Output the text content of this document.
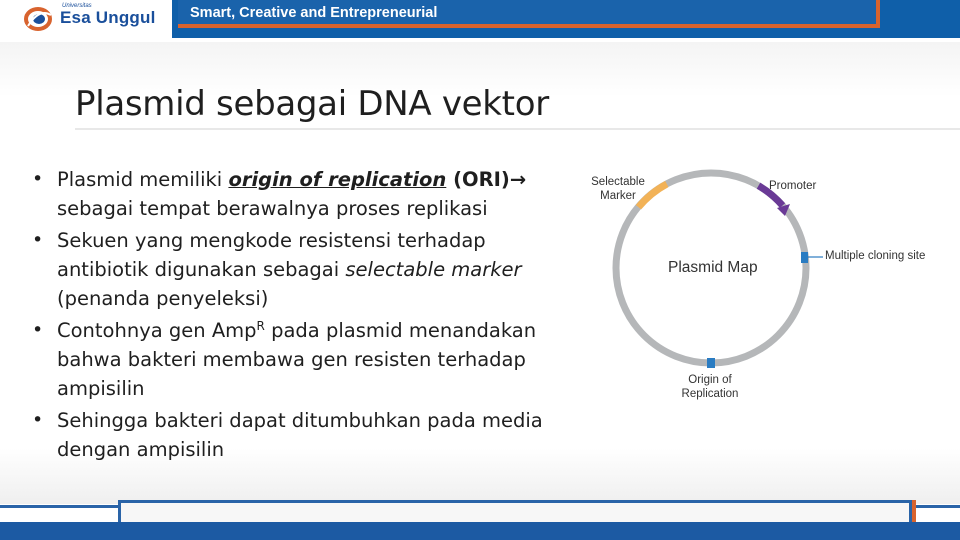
Universitas
Esa Unggul Smart, Creative and Entrepreneurial
Plasmid sebagai DNA vektor
• Plasmid memiliki origin of replication (ORI)→ sebagai tempat berawalnya proses replikasi
• Sekuen yang mengkode resistensi terhadap antibiotik digunakan sebagai selectable marker (penanda penyeleksi)
• Contohnya gen Amp$^R$ pada plasmid menandakan bahwa bakteri membawa gen resisten terhadap ampisilin
• Sehingga bakteri dapat ditumbuhkan pada media dengan ampisilin
Plasmid Map
Selectable
Marker
Promoter
Multiple cloning site
Origin of
Replication
